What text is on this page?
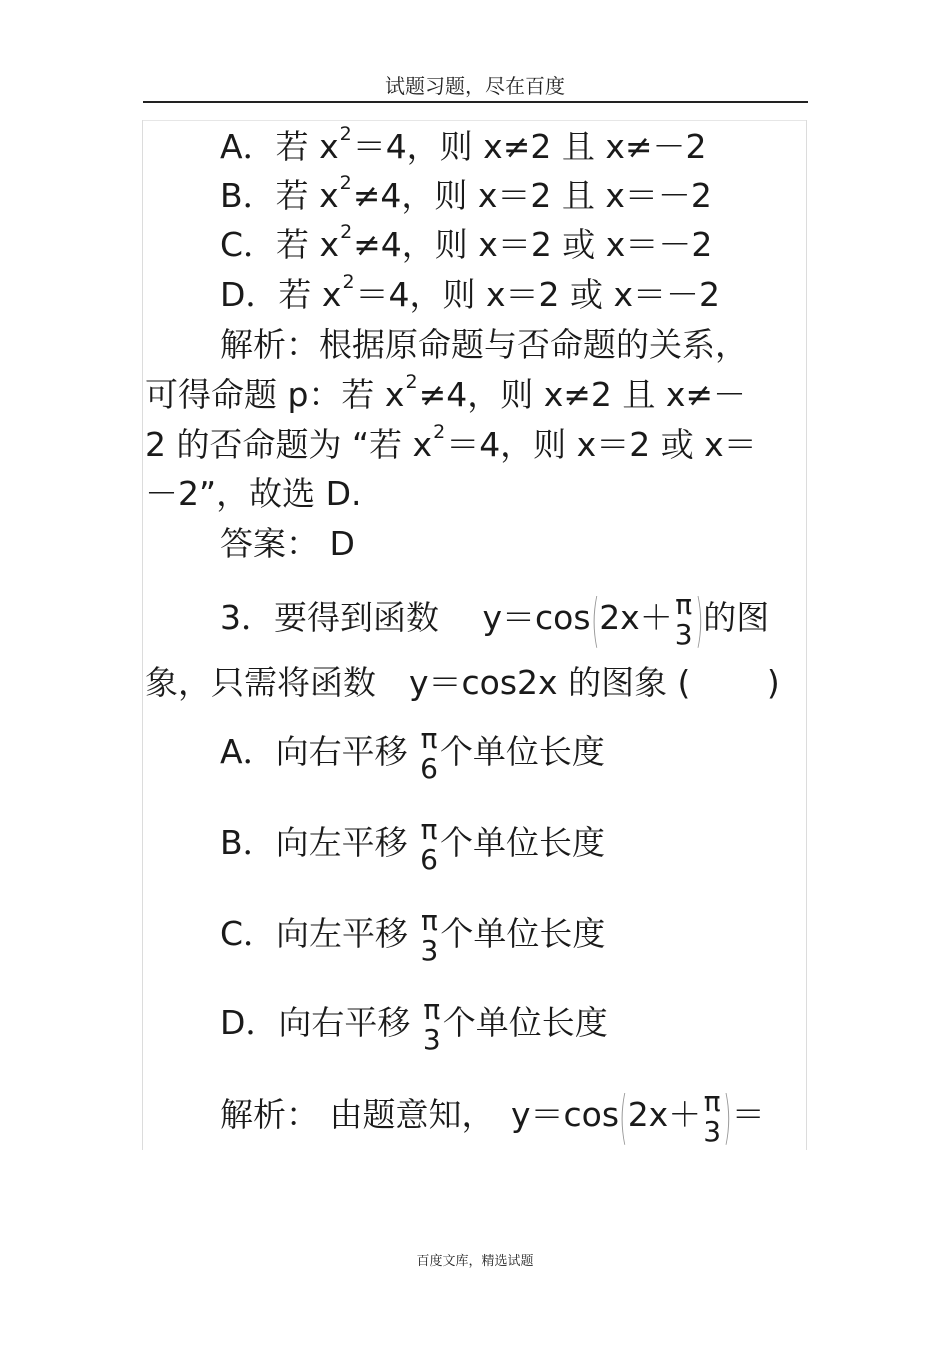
试题习题，尽在百度
A．若 $x^2=4$，则 x≠2 且 x≠－2
B．若 $x^2\ne 4$，则 x＝2 且 x＝－2
C．若 $x^2\ne 4$，则 x＝2 或 x＝－2
D．若 $x^2=4$，则 x＝2 或 x＝－2
解析：根据原命题与否命题的关系，
可得命题 p：若 $x^2\ne 4$，则 x≠2 且 x≠－
2 的否命题为 “若 $x^2=4$，则 x＝2 或 x＝
－2”，故选 D.
答案： D
3．要得到函数　 y＝cos(2x＋ π
3 )的图
象，只需将函数　y＝cos2x 的图象 (　　 )
A．向右平移 π
6 个单位长度
B．向左平移 π
6 个单位长度
C．向左平移 π
3 个单位长度
D．向右平移 π
3 个单位长度
解析： 由题意知，　y＝cos(2x＋ π
3 )＝
百度文库，精选试题
